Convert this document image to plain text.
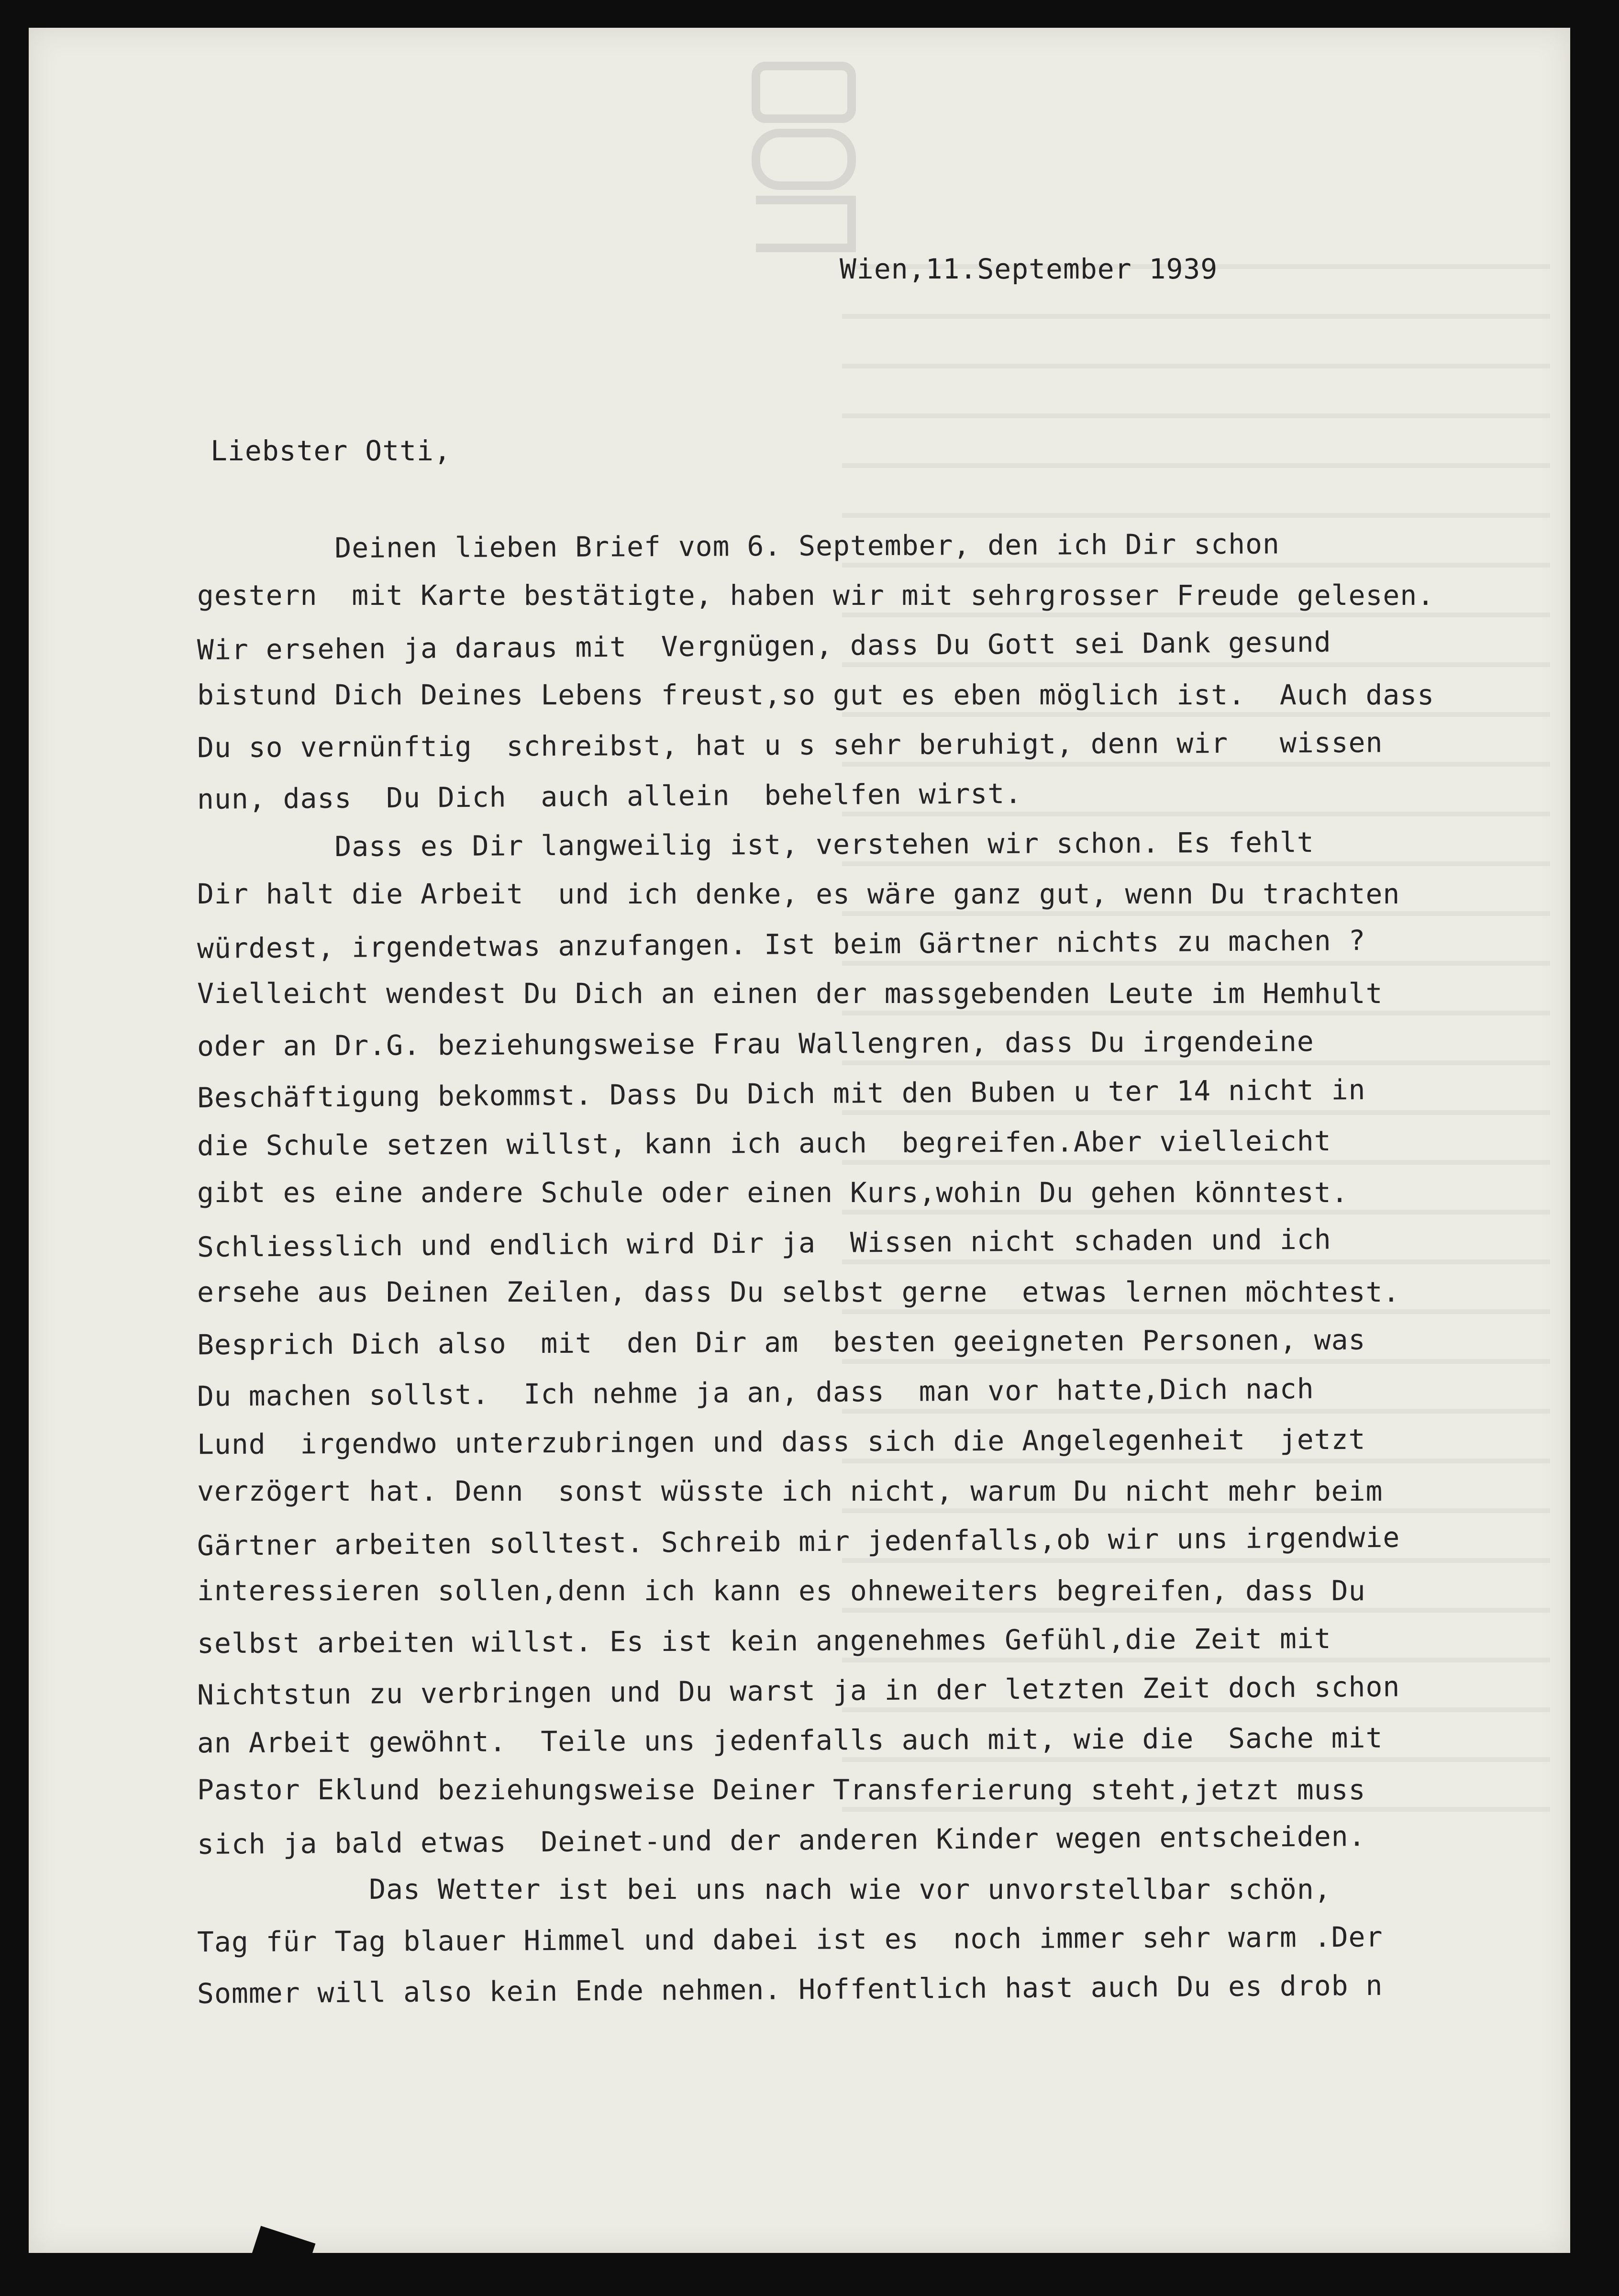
Wien,11.September 1939
Liebster Otti,
Deinen lieben Brief vom 6. September, den ich Dir schon
gestern  mit Karte bestätigte, haben wir mit sehrgrosser Freude gelesen.
Wir ersehen ja daraus mit  Vergnügen, dass Du Gott sei Dank gesund
bistund Dich Deines Lebens freust,so gut es eben möglich ist.  Auch dass
Du so vernünftig  schreibst, hat u s sehr beruhigt, denn wir   wissen
nun, dass  Du Dich  auch allein  behelfen wirst.
Dass es Dir langweilig ist, verstehen wir schon. Es fehlt
Dir halt die Arbeit  und ich denke, es wäre ganz gut, wenn Du trachten
würdest, irgendetwas anzufangen. Ist beim Gärtner nichts zu machen ?
Vielleicht wendest Du Dich an einen der massgebenden Leute im Hemhult
oder an Dr.G. beziehungsweise Frau Wallengren, dass Du irgendeine
Beschäftigung bekommst. Dass Du Dich mit den Buben u ter 14 nicht in
die Schule setzen willst, kann ich auch  begreifen.Aber vielleicht
gibt es eine andere Schule oder einen Kurs,wohin Du gehen könntest.
Schliesslich und endlich wird Dir ja  Wissen nicht schaden und ich
ersehe aus Deinen Zeilen, dass Du selbst gerne  etwas lernen möchtest.
Besprich Dich also  mit  den Dir am  besten geeigneten Personen, was
Du machen sollst.  Ich nehme ja an, dass  man vor hatte,Dich nach
Lund  irgendwo unterzubringen und dass sich die Angelegenheit  jetzt
verzögert hat. Denn  sonst wüsste ich nicht, warum Du nicht mehr beim
Gärtner arbeiten solltest. Schreib mir jedenfalls,ob wir uns irgendwie
interessieren sollen,denn ich kann es ohneweiters begreifen, dass Du
selbst arbeiten willst. Es ist kein angenehmes Gefühl,die Zeit mit
Nichtstun zu verbringen und Du warst ja in der letzten Zeit doch schon
an Arbeit gewöhnt.  Teile uns jedenfalls auch mit, wie die  Sache mit
Pastor Eklund beziehungsweise Deiner Transferierung steht,jetzt muss
sich ja bald etwas  Deinet-und der anderen Kinder wegen entscheiden.
Das Wetter ist bei uns nach wie vor unvorstellbar schön,
Tag für Tag blauer Himmel und dabei ist es  noch immer sehr warm .Der
Sommer will also kein Ende nehmen. Hoffentlich hast auch Du es drob n
